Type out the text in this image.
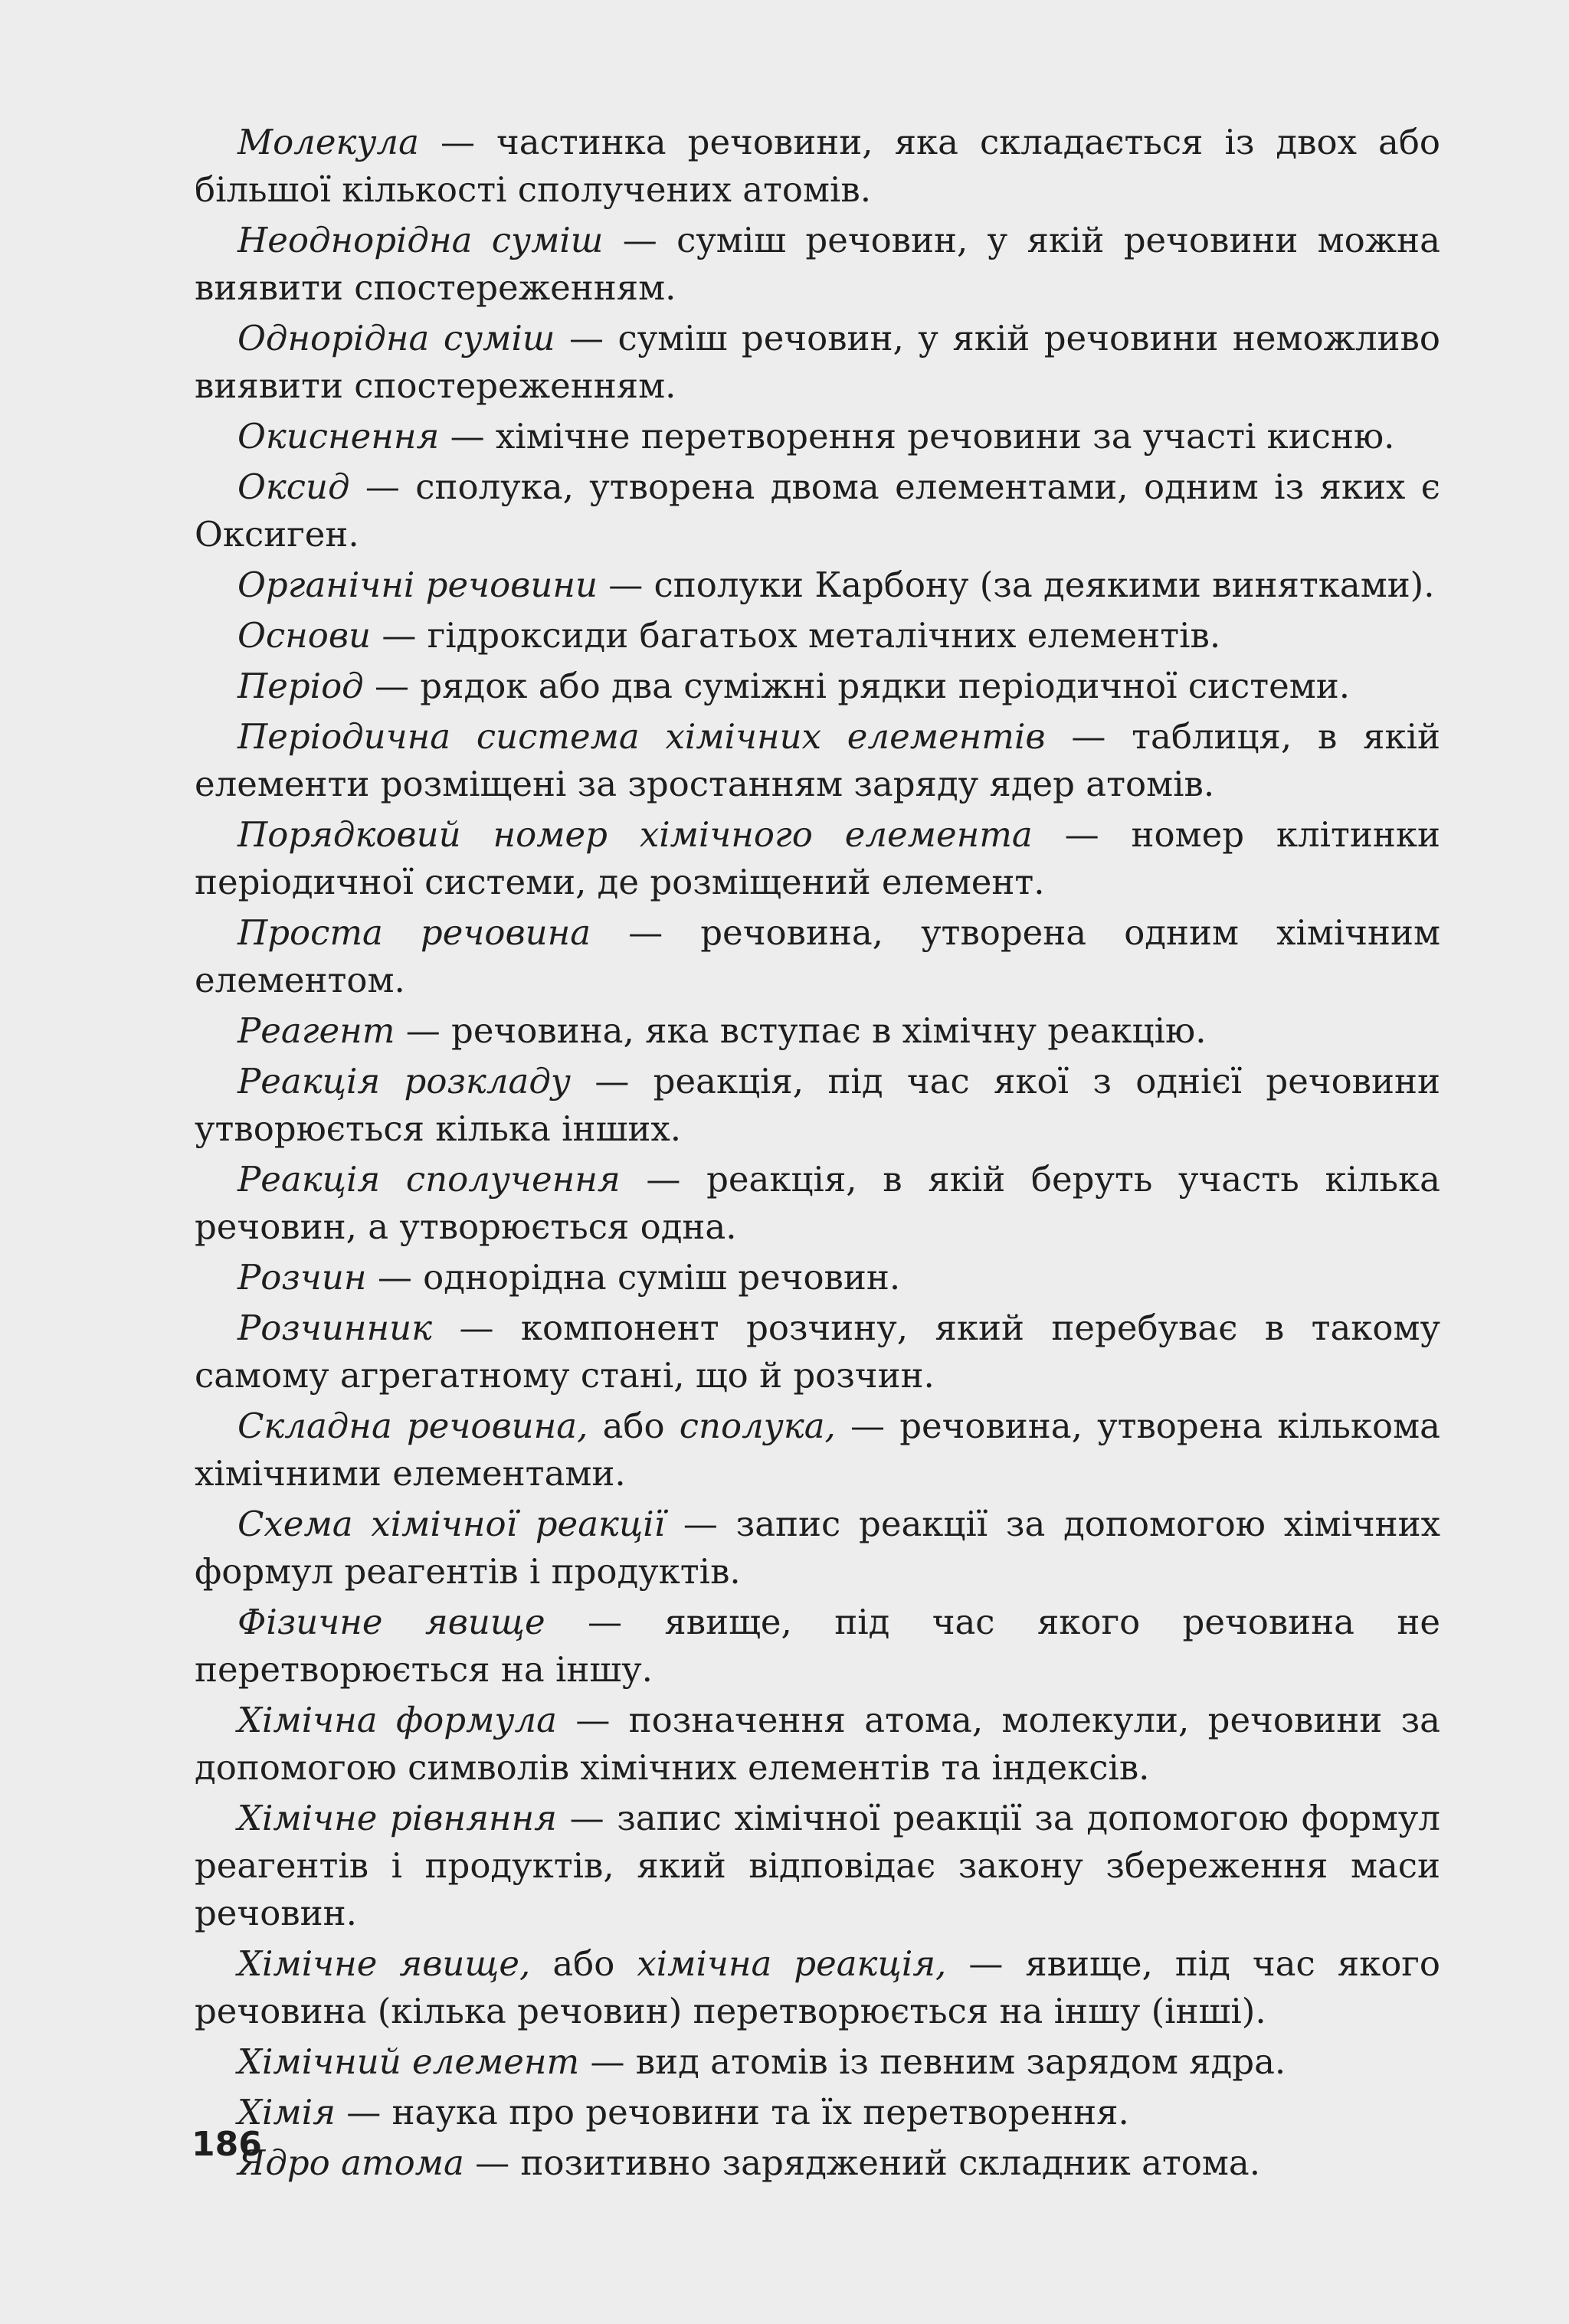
Молекула — частинка речовини, яка складається із двох або більшої кількості сполучених атомів.

Неоднорідна суміш — суміш речовин, у якій речовини можна виявити спостереженням.

Однорідна суміш — суміш речовин, у якій речовини неможливо виявити спостереженням.

Окиснення — хімічне перетворення речовини за участі кисню.

Оксид — сполука, утворена двома елементами, одним із яких є Оксиген.

Органічні речовини — сполуки Карбону (за деякими винятками).

Основи — гідроксиди багатьох металічних елементів.

Період — рядок або два суміжні рядки періодичної системи.

Періодична система хімічних елементів — таблиця, в якій елементи розміщені за зростанням заряду ядер атомів.

Порядковий номер хімічного елемента — номер клітинки періодичної системи, де розміщений елемент.

Проста речовина — речовина, утворена одним хімічним елементом.

Реагент — речовина, яка вступає в хімічну реакцію.

Реакція розкладу — реакція, під час якої з однієї речовини утворюється кілька інших.

Реакція сполучення — реакція, в якій беруть участь кілька речовин, а утворюється одна.

Розчин — однорідна суміш речовин.

Розчинник — компонент розчину, який перебуває в такому самому агрегатному стані, що й розчин.

Складна речовина, або сполука, — речовина, утворена кількома хімічними елементами.

Схема хімічної реакції — запис реакції за допомогою хімічних формул реагентів і продуктів.

Фізичне явище — явище, під час якого речовина не перетворюється на іншу.

Хімічна формула — позначення атома, молекули, речовини за допомогою символів хімічних елементів та індексів.

Хімічне рівняння — запис хімічної реакції за допомогою формул реагентів і продуктів, який відповідає закону збереження маси речовин.

Хімічне явище, або хімічна реакція, — явище, під час якого речовина (кілька речовин) перетворюється на іншу (інші).

Хімічний елемент — вид атомів із певним зарядом ядра.

Хімія — наука про речовини та їх перетворення.

Ядро атома — позитивно заряджений складник атома.

186
